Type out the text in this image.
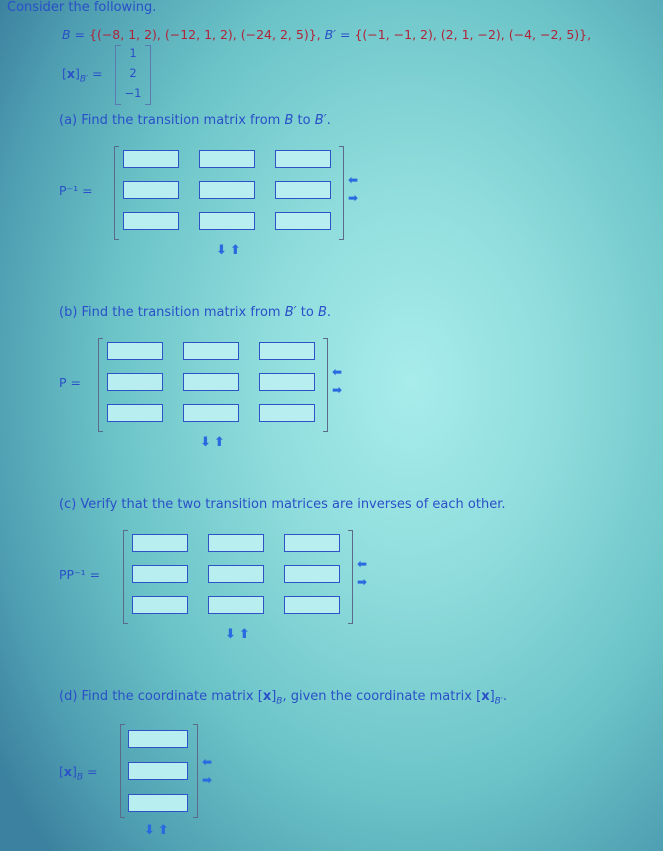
Consider the following.
B = {(−8, 1, 2), (−12, 1, 2), (−24, 2, 5)}, B′ = {(−1, −1, 2), (2, 1, −2), (−4, −2, 5)},
$[x]_{B'}$ =
1
2
−1
(a) Find the transition matrix from B to B′.
P⁻¹ =
⬅
➡
⬇⬆
(b) Find the transition matrix from B′ to B.
P =
⬅
➡
⬇⬆
(c) Verify that the two transition matrices are inverses of each other.
PP⁻¹ =
⬅
➡
⬇⬆
(d) Find the coordinate matrix $[x]_B$, given the coordinate matrix $[x]_{B'}$.
$[x]_B$ =
⬅
➡
⬇⬆
